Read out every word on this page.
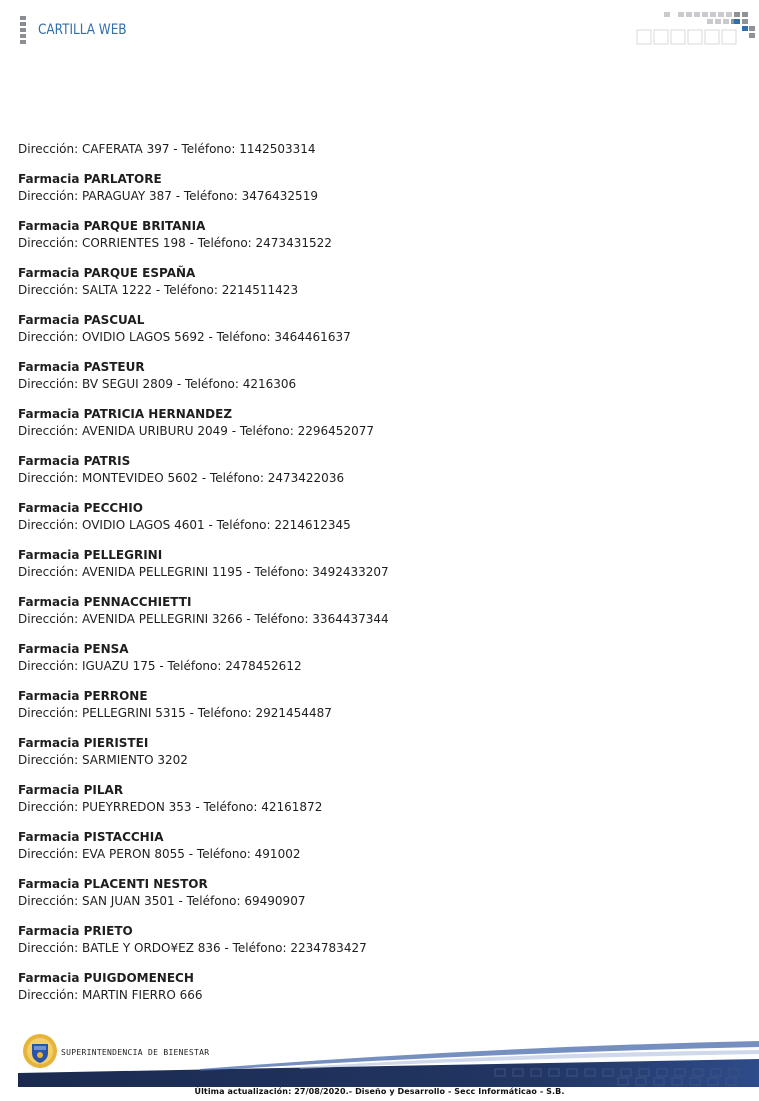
CARTILLA WEB
Dirección: CAFERATA 397 - Teléfono: 1142503314
Farmacia PARLATORE
Dirección: PARAGUAY 387 - Teléfono: 3476432519
Farmacia PARQUE BRITANIA
Dirección: CORRIENTES 198 - Teléfono: 2473431522
Farmacia PARQUE ESPAÑA
Dirección: SALTA 1222 - Teléfono: 2214511423
Farmacia PASCUAL
Dirección: OVIDIO LAGOS 5692 - Teléfono: 3464461637
Farmacia PASTEUR
Dirección: BV SEGUI 2809 - Teléfono: 4216306
Farmacia PATRICIA HERNANDEZ
Dirección: AVENIDA URIBURU 2049 - Teléfono: 2296452077
Farmacia PATRIS
Dirección: MONTEVIDEO 5602 - Teléfono: 2473422036
Farmacia PECCHIO
Dirección: OVIDIO LAGOS 4601 - Teléfono: 2214612345
Farmacia PELLEGRINI
Dirección: AVENIDA PELLEGRINI 1195 - Teléfono: 3492433207
Farmacia PENNACCHIETTI
Dirección: AVENIDA PELLEGRINI 3266 - Teléfono: 3364437344
Farmacia PENSA
Dirección: IGUAZU 175 - Teléfono: 2478452612
Farmacia PERRONE
Dirección: PELLEGRINI 5315 - Teléfono: 2921454487
Farmacia PIERISTEI
Dirección: SARMIENTO 3202
Farmacia PILAR
Dirección: PUEYRREDON 353 - Teléfono: 42161872
Farmacia PISTACCHIA
Dirección: EVA PERON 8055 - Teléfono: 491002
Farmacia PLACENTI NESTOR
Dirección: SAN JUAN 3501 - Teléfono: 69490907
Farmacia PRIETO
Dirección: BATLE Y ORDO¥EZ 836 - Teléfono: 2234783427
Farmacia PUIGDOMENECH
Dirección: MARTIN FIERRO 666
SUPERINTENDENCIA DE BIENESTAR
Última actualización: 27/08/2020.- Diseño y Desarrollo - Secc Informáticao - S.B.
